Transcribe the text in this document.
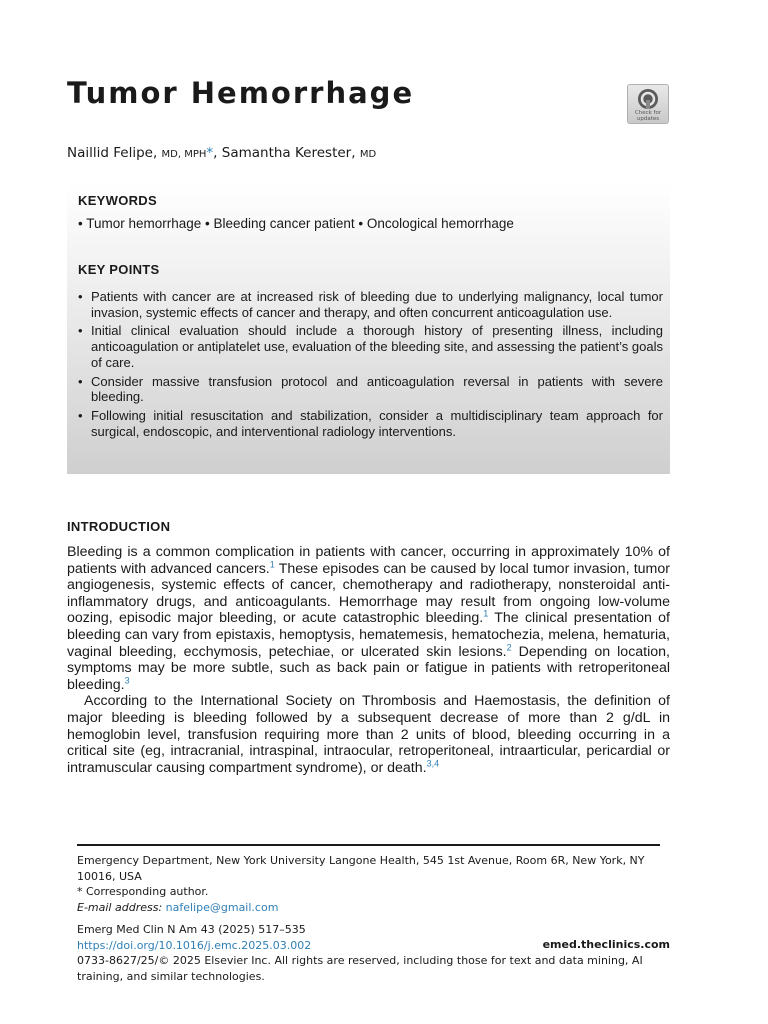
Tumor Hemorrhage
Check for
updates
Naillid Felipe, MD, MPH*, Samantha Kerester, MD
KEYWORDS
• Tumor hemorrhage • Bleeding cancer patient • Oncological hemorrhage
KEY POINTS
• Patients with cancer are at increased risk of bleeding due to underlying malignancy, local tumor invasion, systemic effects of cancer and therapy, and often concurrent anticoagulation use.
• Initial clinical evaluation should include a thorough history of presenting illness, including anticoagulation or antiplatelet use, evaluation of the bleeding site, and assessing the patient’s goals of care.
• Consider massive transfusion protocol and anticoagulation reversal in patients with severe bleeding.
• Following initial resuscitation and stabilization, consider a multidisciplinary team approach for surgical, endoscopic, and interventional radiology interventions.
INTRODUCTION

Bleeding is a common complication in patients with cancer, occurring in approximately 10% of patients with advanced cancers.$^1$ These episodes can be caused by local tumor invasion, tumor angiogenesis, systemic effects of cancer, chemotherapy and radiotherapy, nonsteroidal anti-inflammatory drugs, and anticoagulants. Hemorrhage may result from ongoing low-volume oozing, episodic major bleeding, or acute catastrophic bleeding.$^1$ The clinical presentation of bleeding can vary from epistaxis, hemoptysis, hematemesis, hematochezia, melena, hematuria, vaginal bleeding, ecchymosis, petechiae, or ulcerated skin lesions.$^2$ Depending on location, symptoms may be more subtle, such as back pain or fatigue in patients with retroperitoneal bleeding.$^3$

According to the International Society on Thrombosis and Haemostasis, the definition of major bleeding is bleeding followed by a subsequent decrease of more than 2 g/dL in hemoglobin level, transfusion requiring more than 2 units of blood, bleeding occurring in a critical site (eg, intracranial, intraspinal, intraocular, retroperitoneal, intraarticular, pericardial or intramuscular causing compartment syndrome), or death.$^{3,4}$

Emergency Department, New York University Langone Health, 545 1st Avenue, Room 6R, New York, NY 10016, USA
* Corresponding author.
E-mail address: nafelipe@gmail.com
Emerg Med Clin N Am 43 (2025) 517–535
https://doi.org/10.1016/j.emc.2025.03.002
0733-8627/25/© 2025 Elsevier Inc. All rights are reserved, including those for text and data mining, AI training, and similar technologies.
emed.theclinics.com
